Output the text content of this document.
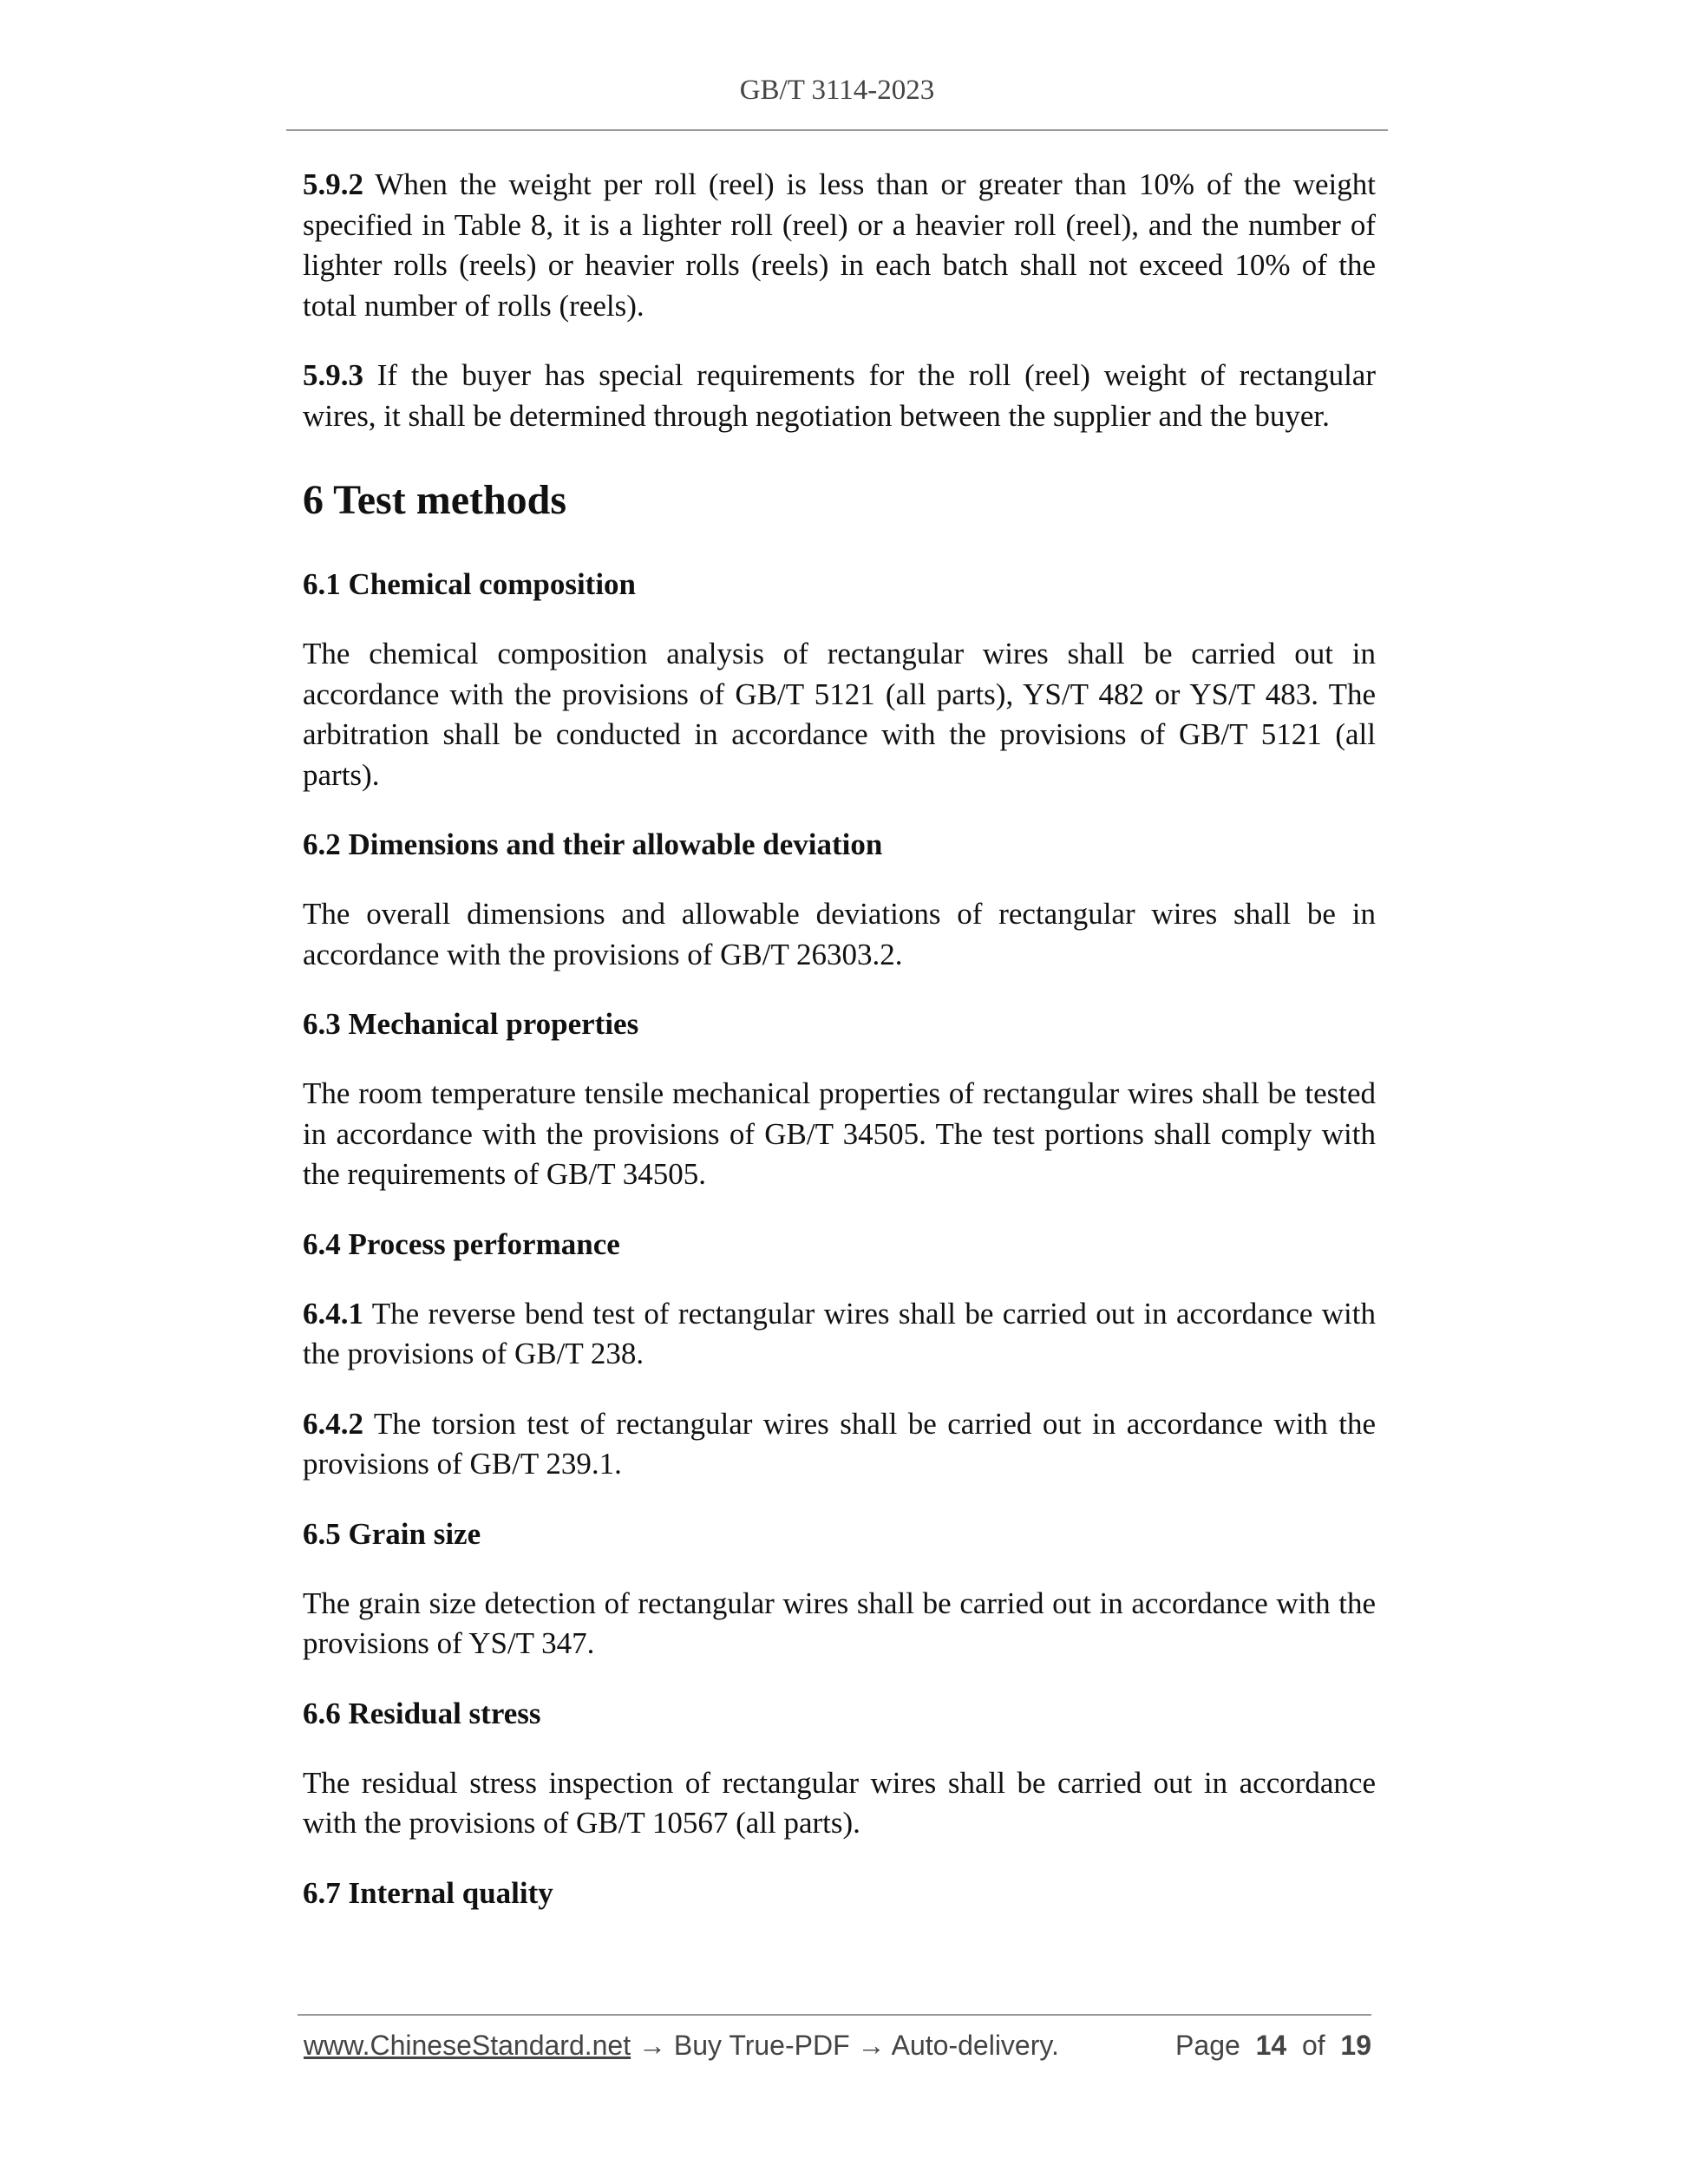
GB/T 3114-2023

5.9.2 When the weight per roll (reel) is less than or greater than 10% of the weight specified in Table 8, it is a lighter roll (reel) or a heavier roll (reel), and the number of lighter rolls (reels) or heavier rolls (reels) in each batch shall not exceed 10% of the total number of rolls (reels).

5.9.3 If the buyer has special requirements for the roll (reel) weight of rectangular wires, it shall be determined through negotiation between the supplier and the buyer.

6 Test methods
6.1 Chemical composition

The chemical composition analysis of rectangular wires shall be carried out in accordance with the provisions of GB/T 5121 (all parts), YS/T 482 or YS/T 483. The arbitration shall be conducted in accordance with the provisions of GB/T 5121 (all parts).

6.2 Dimensions and their allowable deviation

The overall dimensions and allowable deviations of rectangular wires shall be in accordance with the provisions of GB/T 26303.2.

6.3 Mechanical properties

The room temperature tensile mechanical properties of rectangular wires shall be tested in accordance with the provisions of GB/T 34505. The test portions shall comply with the requirements of GB/T 34505.

6.4 Process performance

6.4.1 The reverse bend test of rectangular wires shall be carried out in accordance with the provisions of GB/T 238.

6.4.2 The torsion test of rectangular wires shall be carried out in accordance with the provisions of GB/T 239.1.

6.5 Grain size

The grain size detection of rectangular wires shall be carried out in accordance with the provisions of YS/T 347.

6.6 Residual stress

The residual stress inspection of rectangular wires shall be carried out in accordance with the provisions of GB/T 10567 (all parts).

6.7 Internal quality
www.ChineseStandard.net → Buy True-PDF → Auto-delivery.	Page 14 of 19
